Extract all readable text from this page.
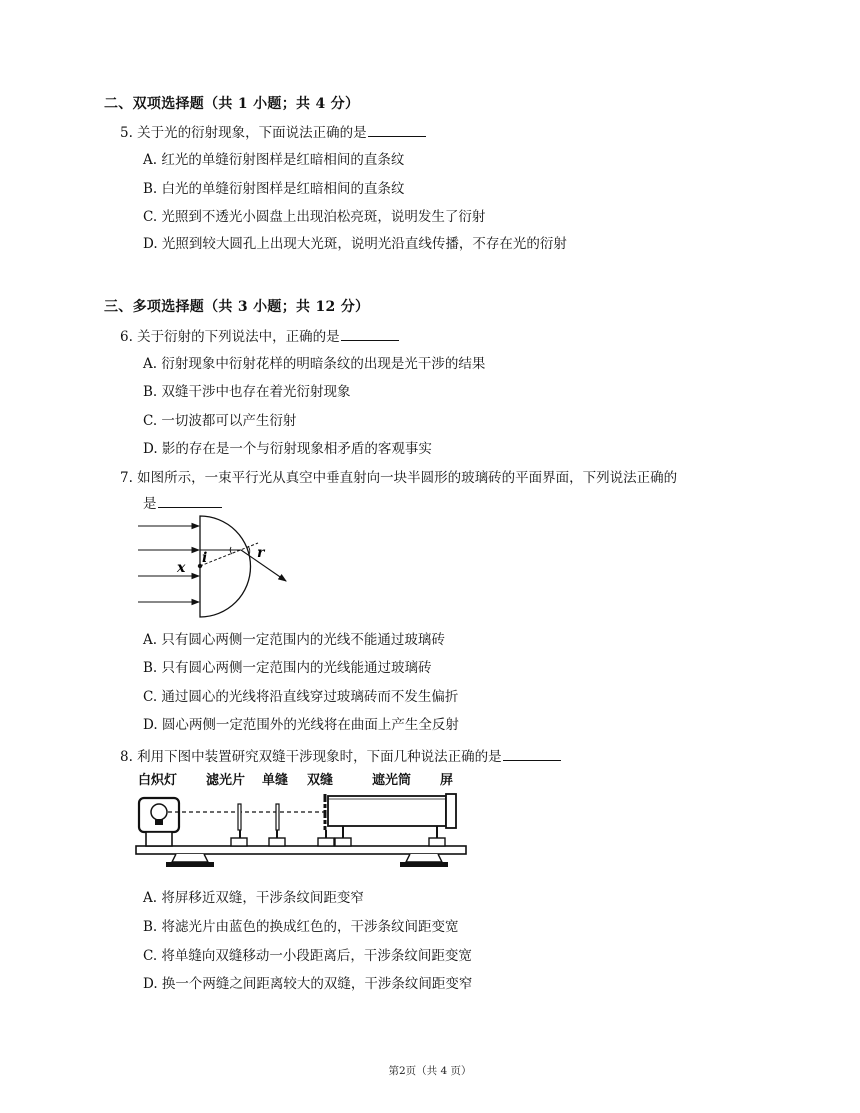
二、双项选择题（共 1 小题；共 4 分）
5. 关于光的衍射现象，下面说法正确的是
A. 红光的单缝衍射图样是红暗相间的直条纹
B. 白光的单缝衍射图样是红暗相间的直条纹
C. 光照到不透光小圆盘上出现泊松亮斑，说明发生了衍射
D. 光照到较大圆孔上出现大光斑，说明光沿直线传播，不存在光的衍射
三、多项选择题（共 3 小题；共 12 分）
6. 关于衍射的下列说法中，正确的是
A. 衍射现象中衍射花样的明暗条纹的出现是光干涉的结果
B. 双缝干涉中也存在着光衍射现象
C. 一切波都可以产生衍射
D. 影的存在是一个与衍射现象相矛盾的客观事实
7. 如图所示，一束平行光从真空中垂直射向一块半圆形的玻璃砖的平面界面，下列说法正确的
是
x
i	r
A. 只有圆心两侧一定范围内的光线不能通过玻璃砖
B. 只有圆心两侧一定范围内的光线能通过玻璃砖
C. 通过圆心的光线将沿直线穿过玻璃砖而不发生偏折
D. 圆心两侧一定范围外的光线将在曲面上产生全反射
8. 利用下图中装置研究双缝干涉现象时，下面几种说法正确的是
白炽灯 滤光片 单缝 双缝	遮光筒 屏
A. 将屏移近双缝，干涉条纹间距变窄
B. 将滤光片由蓝色的换成红色的，干涉条纹间距变宽
C. 将单缝向双缝移动一小段距离后，干涉条纹间距变宽
D. 换一个两缝之间距离较大的双缝，干涉条纹间距变窄
第2页（共 4 页）
